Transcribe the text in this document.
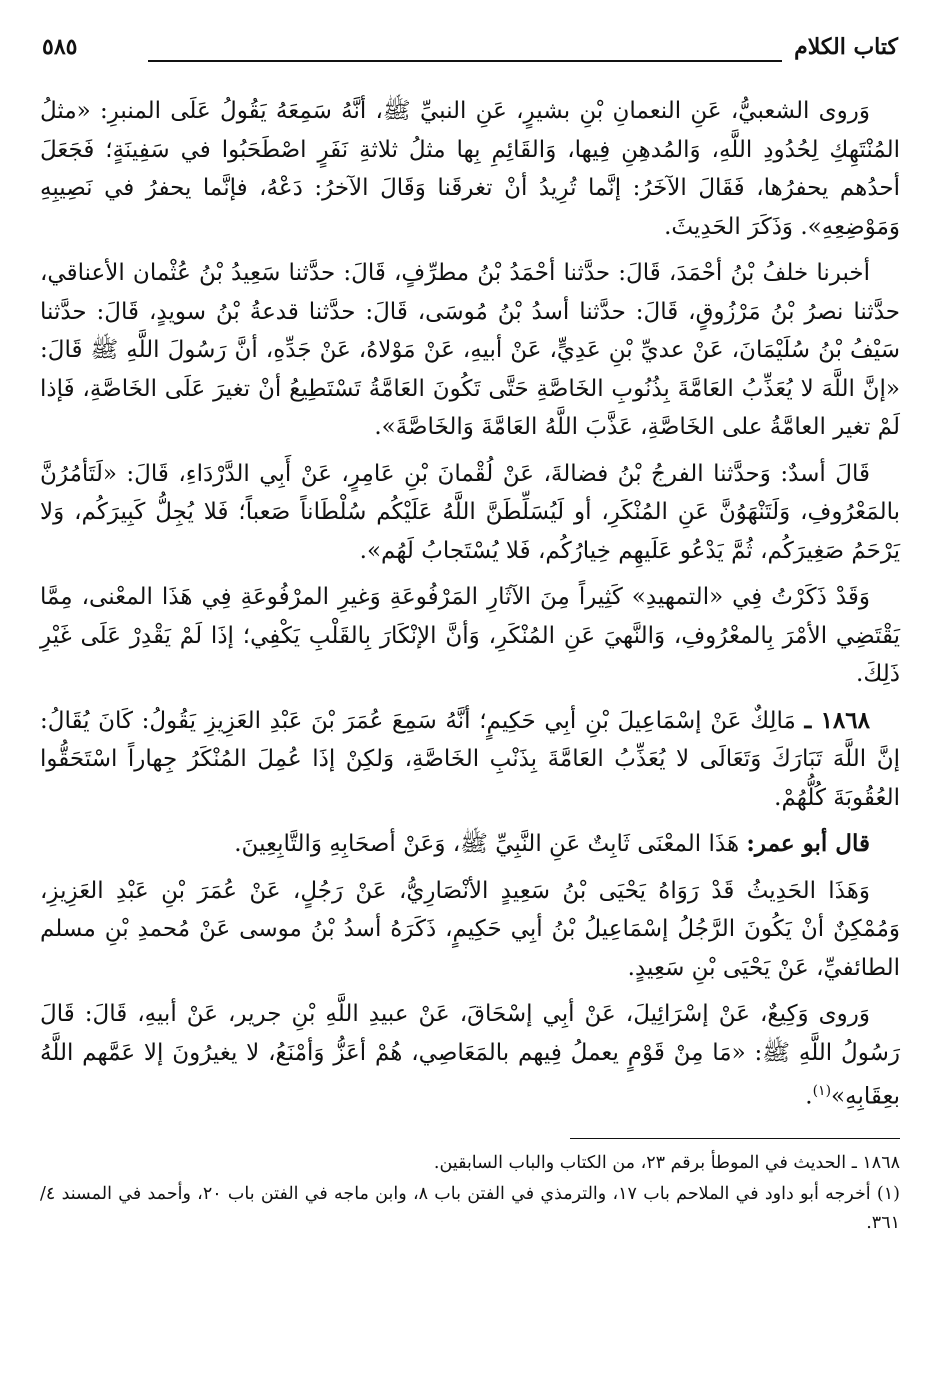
كتاب الكلام
٥٨٥

وَروى الشعبيُّ، عَنِ النعمانِ بْنِ بشيرٍ، عَنِ النبيِّ ﷺ، أنَّهُ سَمِعَهُ يَقُولُ عَلَى المنبرِ: «مثلُ المُنْتَهِكِ لِحُدُودِ اللَّهِ، وَالمُدهِنِ فِيها، وَالقَائِمِ بِها مثلُ ثلاثةِ نَفَرٍ اصْطَحَبُوا في سَفِينَةٍ؛ فَجَعَلَ أحدُهم يحفرُها، فَقَالَ الآخَرُ: إنَّما تُرِيدُ أنْ تغرقَنا وَقَالَ الآخرُ: دَعْهُ، فإنَّما يحفرُ في نَصِيبِهِ وَمَوْضِعِهِ». وَذَكَرَ الحَدِيثَ.

أخبرنا خلفُ بْنُ أحْمَدَ، قَالَ: حدَّثنا أحْمَدُ بْنُ مطرِّفٍ، قَالَ: حدَّثنا سَعِيدُ بْنُ عُثْمان الأعناقي، حدَّثنا نصرُ بْنُ مَرْزُوقٍ، قَالَ: حدَّثنا أسدُ بْنُ مُوسَى، قَالَ: حدَّثنا قدعةُ بْنُ سويدٍ، قَالَ: حدَّثنا سَيْفُ بْنُ سُلَيْمَانَ، عَنْ عديِّ بْنِ عَدِيٍّ، عَنْ أبيهِ، عَنْ مَوْلاهُ، عَنْ جَدِّهِ، أنَّ رَسُولَ اللَّهِ ﷺ قَالَ: «إنَّ اللَّهَ لا يُعَذِّبُ العَامَّةَ بِذُنُوبِ الخَاصَّةِ حَتَّى تَكُونَ العَامَّةُ تَسْتَطِيعُ أنْ تغيرَ عَلَى الخَاصَّةِ، فَإذا لَمْ تغير العامَّةُ على الخَاصَّةِ، عَذَّبَ اللَّهُ العَامَّةَ وَالخَاصَّةَ».

قَالَ أسدٌ: وَحدَّثنا الفرجُ بْنُ فضالةَ، عَنْ لُقْمانَ بْنِ عَامِرٍ، عَنْ أَبِي الدَّرْدَاءِ، قَالَ: «لَتَأمُرُنَّ بالمَعْرُوفِ، وَلَتَنْهَوُنَّ عَنِ المُنْكَرِ، أو لَيُسَلِّطَنَّ اللَّهُ عَلَيْكُم سُلْطَاناً صَعباً؛ فَلا يُجِلُّ كَبِيرَكُم، وَلا يَرْحَمُ صَغِيرَكُم، ثُمَّ يَدْعُو عَلَيهِم خِيارُكُم، فَلا يُسْتَجابُ لَهُم».

وَقَدْ ذَكَرْتُ فِي «التمهيدِ» كَثِيراً مِنَ الآثَارِ المَرْفُوعَةِ وَغيرِ المرْفُوعَةِ فِي هَذَا المعْنى، مِمَّا يَقْتَضِي الأمْرَ بِالمعْرُوفِ، وَالنَّهيَ عَنِ المُنْكَرِ، وَأنَّ الإنْكَارَ بِالقَلْبِ يَكْفِي؛ إذَا لَمْ يَقْدِرْ عَلَى غَيْرِ ذَلِكَ.

١٨٦٨ ـ مَالِكٌ عَنْ إسْمَاعِيلَ بْنِ أبِي حَكِيمٍ؛ أنَّهُ سَمِعَ عُمَرَ بْنَ عَبْدِ العَزِيزِ يَقُولُ: كَانَ يُقَالُ: إنَّ اللَّهَ تَبَارَكَ وَتَعَالَى لا يُعَذِّبُ العَامَّةَ بِذَنْبِ الخَاصَّةِ، وَلكِنْ إذَا عُمِلَ المُنْكَرُ جِهاراً اسْتَحَقُّوا العُقُوبَةَ كُلُّهُمْ.

قال أبو عمر: هَذَا المعْنَى ثَابِتٌ عَنِ النَّبِيِّ ﷺ، وَعَنْ أصحَابِهِ وَالتَّابِعِينَ.

وَهَذَا الحَدِيثُ قَدْ رَوَاهُ يَحْيَى بْنُ سَعِيدٍ الأنْصَارِيُّ، عَنْ رَجُلٍ، عَنْ عُمَرَ بْنِ عَبْدِ العَزِيزِ، وَمُمْكِنٌ أنْ يَكُونَ الرَّجُلُ إسْمَاعِيلُ بْنُ أبِي حَكِيمٍ، ذَكَرَهُ أسدُ بْنُ موسى عَنْ مُحمدِ بْنِ مسلم الطائفيِّ، عَنْ يَحْيَى بْنِ سَعِيدٍ.

وَروى وَكِيعٌ، عَنْ إسْرَائِيلَ، عَنْ أبِي إسْحَاقَ، عَنْ عبيدِ اللَّهِ بْنِ جرير، عَنْ أبيهِ، قَالَ: قَالَ رَسُولُ اللَّهِ ﷺ: «مَا مِنْ قَوْمٍ يعملُ فِيهم بالمَعَاصِي، هُمْ أعَزُّ وَأمْنَعُ، لا يغيرُونَ إلا عَمَّهم اللَّهُ بعِقَابِهِ»$^{(١)}$.

١٨٦٨ ـ الحديث في الموطأ برقم ٢٣، من الكتاب والباب السابقين.

(١) أخرجه أبو داود في الملاحم باب ١٧، والترمذي في الفتن باب ٨، وابن ماجه في الفتن باب ٢٠، وأحمد في المسند ٤/ ٣٦١.
